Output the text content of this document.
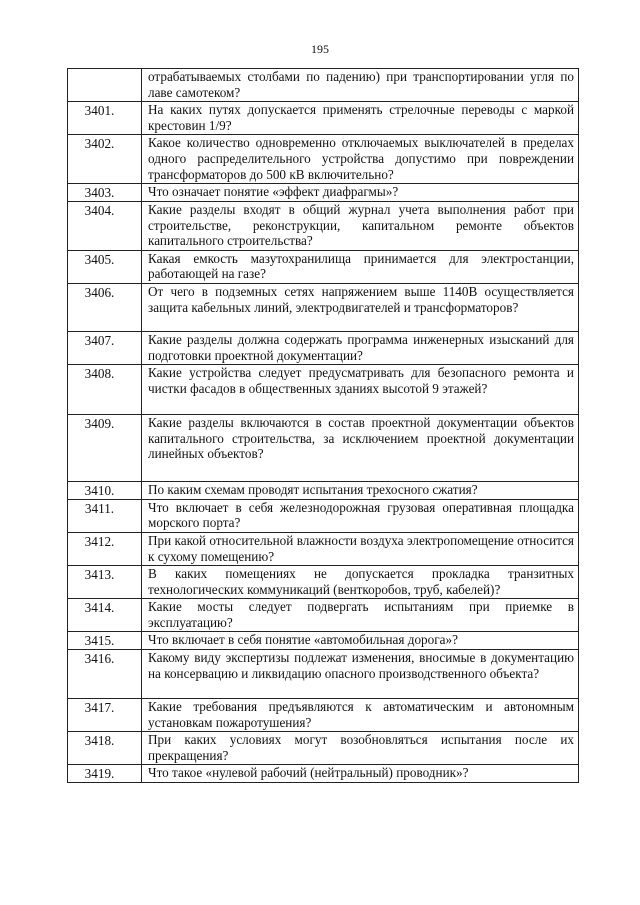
195
	отрабатываемых столбами по падению) при транспортировании угля по лаве самотеком?
3401.	На каких путях допускается применять стрелочные переводы с маркой крестовин 1/9?
3402.	Какое количество одновременно отключаемых выключателей в пределах одного распределительного устройства допустимо при повреждении трансформаторов до 500 кВ включительно?
3403.	Что означает понятие «эффект диафрагмы»?
3404.	Какие разделы входят в общий журнал учета выполнения работ при строительстве, реконструкции, капитальном ремонте объектов капитального строительства?
3405.	Какая емкость мазутохранилища принимается для электростанции, работающей на газе?
3406.	От чего в подземных сетях напряжением выше 1140В осуществляется защита кабельных линий, электродвигателей и трансформаторов?
3407.	Какие разделы должна содержать программа инженерных изысканий для подготовки проектной документации?
3408.	Какие устройства следует предусматривать для безопасного ремонта и чистки фасадов в общественных зданиях высотой 9 этажей?
3409.	Какие разделы включаются в состав проектной документации объектов капитального строительства, за исключением проектной документации линейных объектов?
3410.	По каким схемам проводят испытания трехосного сжатия?
3411.	Что включает в себя железнодорожная грузовая оперативная площадка морского порта?
3412.	При какой относительной влажности воздуха электропомещение относится к сухому помещению?
3413.	В каких помещениях не допускается прокладка транзитных технологических коммуникаций (венткоробов, труб, кабелей)?
3414.	Какие мосты следует подвергать испытаниям при приемке в эксплуатацию?
3415.	Что включает в себя понятие «автомобильная дорога»?
3416.	Какому виду экспертизы подлежат изменения, вносимые в документацию на консервацию и ликвидацию опасного производственного объекта?
3417.	Какие требования предъявляются к автоматическим и автономным установкам пожаротушения?
3418.	При каких условиях могут возобновляться испытания после их прекращения?
3419.	Что такое «нулевой рабочий (нейтральный) проводник»?
